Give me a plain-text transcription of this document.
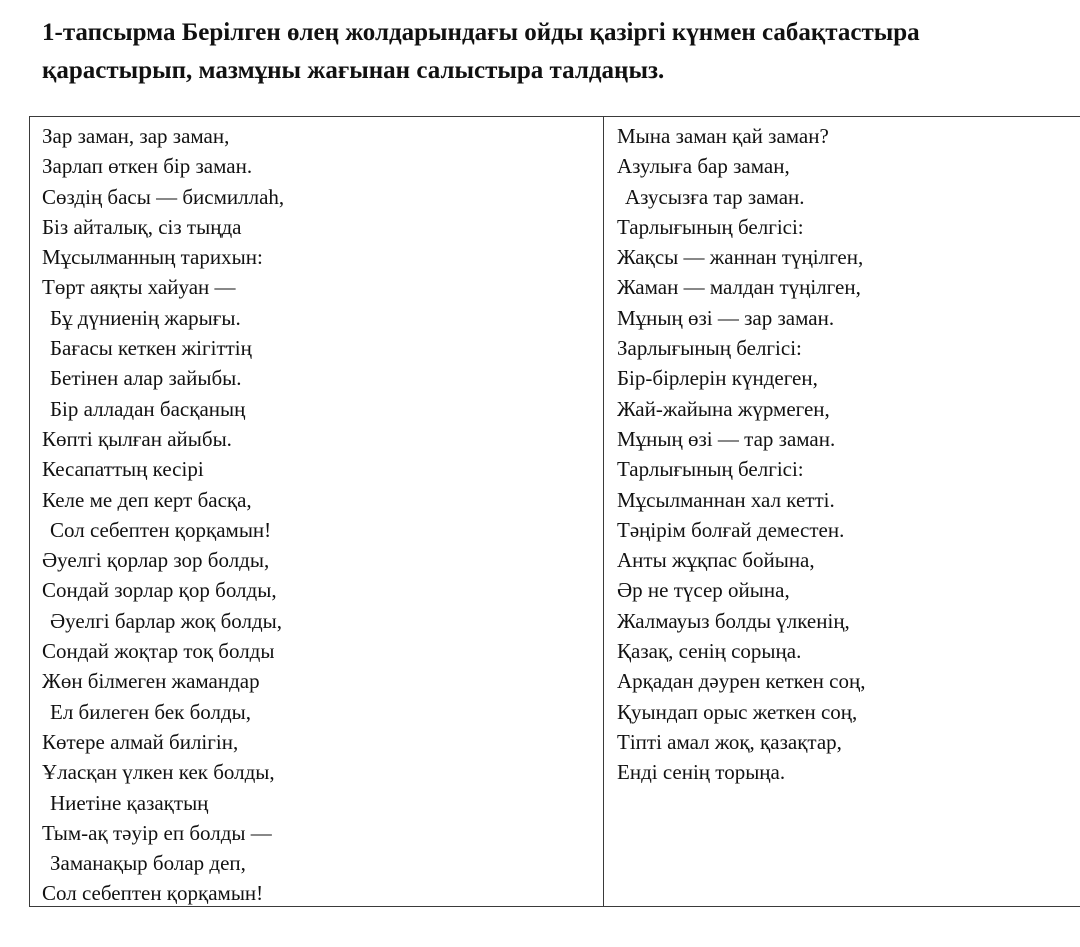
1-тапсырма Берілген өлең жолдарындағы ойды қазіргі күнмен сабақтастыра
қарастырып, мазмұны жағынан салыстыра талдаңыз.
Зар заман, зар заман,
Зарлап өткен бір заман.
Сөздің басы — бисмиллаһ,
Біз айталық, сіз тыңда
Мұсылманның тарихын:
Төрт аяқты хайуан —
Бұ дүниенің жарығы.
Бағасы кеткен жігіттің
Бетінен алар зайыбы.
Бір алладан басқаның
Көпті қылған айыбы.
Кесапаттың кесірі
Келе ме деп керт басқа,
Сол себептен қорқамын!
Әуелгі қорлар зор болды,
Сондай зорлар қор болды,
Әуелгі барлар жоқ болды,
Сондай жоқтар тоқ болды
Жөн білмеген жамандар
Ел билеген бек болды,
Көтере алмай билігін,
Ұласқан үлкен кек болды,
Ниетіне қазақтың
Тым-ақ тәуір еп болды —
Заманақыр болар деп,
Сол себептен қорқамын!
Мына заман қай заман?
Азулыға бар заман,
Азусызға тар заман.
Тарлығының белгісі:
Жақсы — жаннан түңілген,
Жаман — малдан түңілген,
Мұның өзі — зар заман.
Зарлығының белгісі:
Бір-бірлерін күндеген,
Жай-жайына жүрмеген,
Мұның өзі — тар заман.
Тарлығының белгісі:
Мұсылманнан хал кетті.
Тәңірім болғай деместен.
Анты жұқпас бойына,
Әр не түсер ойына,
Жалмауыз болды үлкенің,
Қазақ, сенің сорыңа.
Арқадан дәурен кеткен соң,
Қуындап орыс жеткен соң,
Тіпті амал жоқ, қазақтар,
Енді сенің торыңа.
